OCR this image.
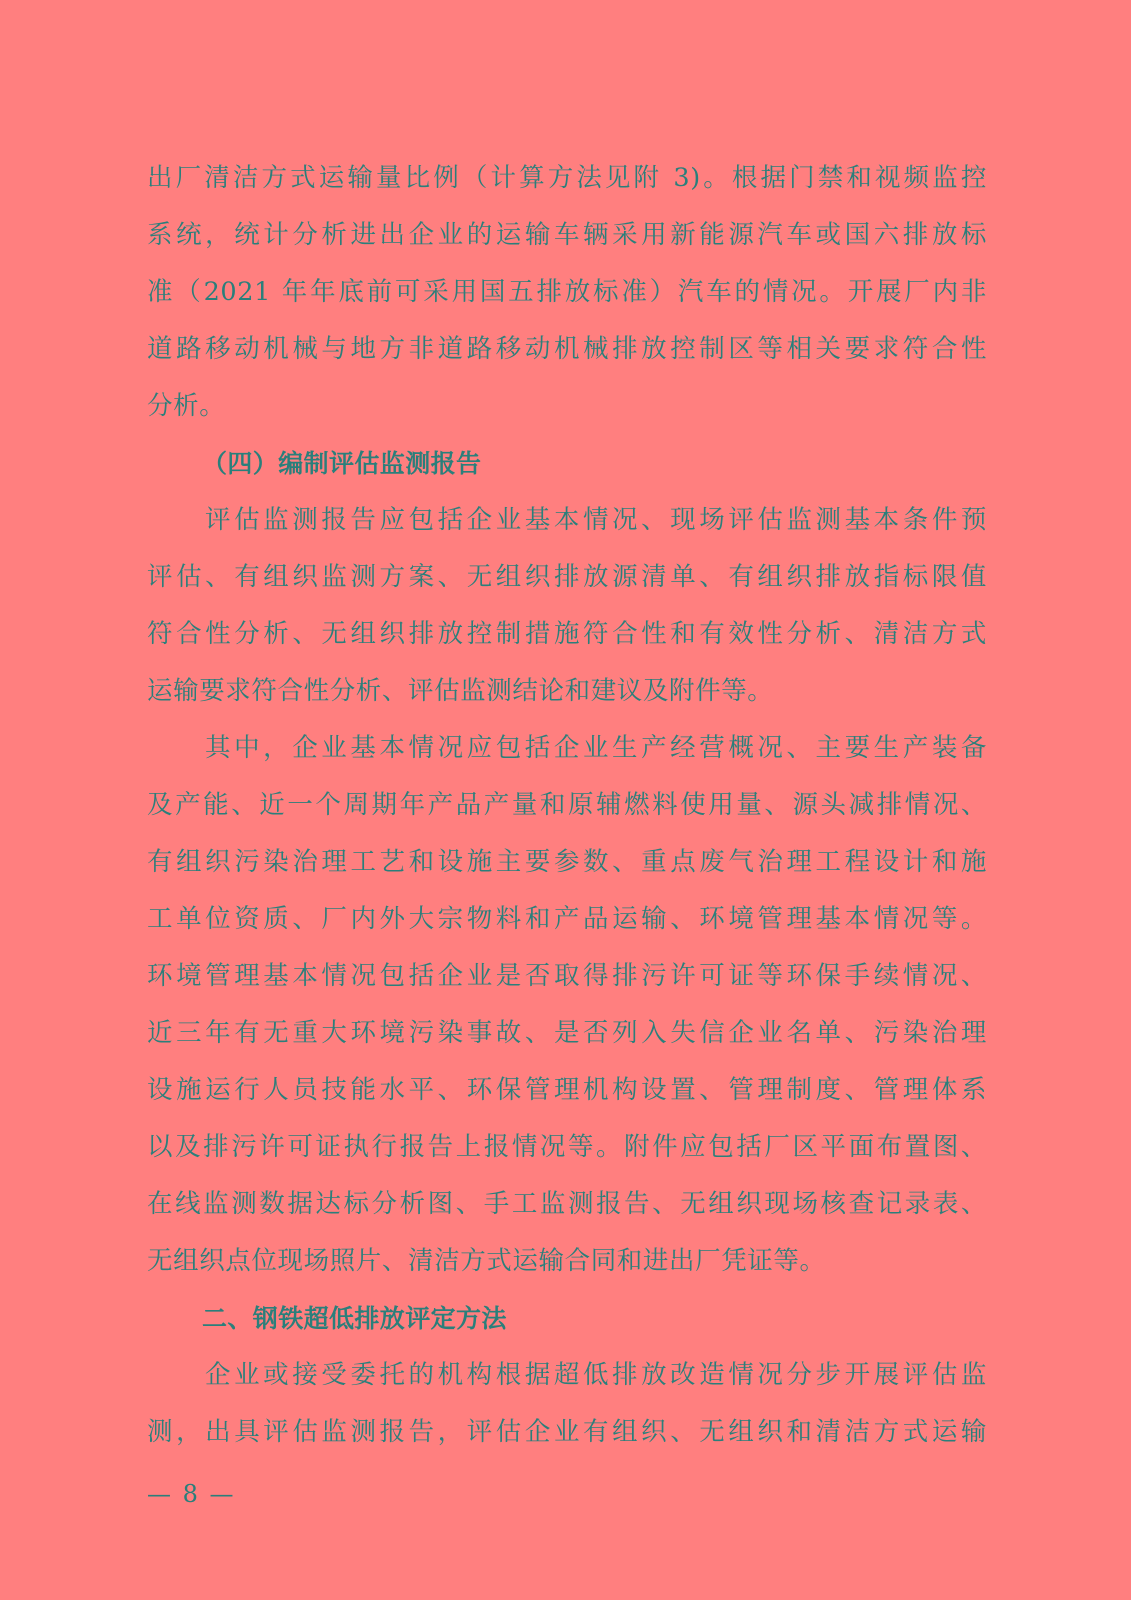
出厂清洁方式运输量比例（计算方法见附 3)。根据门禁和视频监控
系统，统计分析进出企业的运输车辆采用新能源汽车或国六排放标
准（2021 年年底前可采用国五排放标准）汽车的情况。开展厂内非
道路移动机械与地方非道路移动机械排放控制区等相关要求符合性
分析。
（四）编制评估监测报告
评估监测报告应包括企业基本情况、现场评估监测基本条件预
评估、有组织监测方案、无组织排放源清单、有组织排放指标限值
符合性分析、无组织排放控制措施符合性和有效性分析、清洁方式
运输要求符合性分析、评估监测结论和建议及附件等。
其中，企业基本情况应包括企业生产经营概况、主要生产装备
及产能、近一个周期年产品产量和原辅燃料使用量、源头减排情况、
有组织污染治理工艺和设施主要参数、重点废气治理工程设计和施
工单位资质、厂内外大宗物料和产品运输、环境管理基本情况等。
环境管理基本情况包括企业是否取得排污许可证等环保手续情况、
近三年有无重大环境污染事故、是否列入失信企业名单、污染治理
设施运行人员技能水平、环保管理机构设置、管理制度、管理体系
以及排污许可证执行报告上报情况等。附件应包括厂区平面布置图、
在线监测数据达标分析图、手工监测报告、无组织现场核查记录表、
无组织点位现场照片、清洁方式运输合同和进出厂凭证等。
二、钢铁超低排放评定方法
企业或接受委托的机构根据超低排放改造情况分步开展评估监
测，出具评估监测报告，评估企业有组织、无组织和清洁方式运输
— 8 —
